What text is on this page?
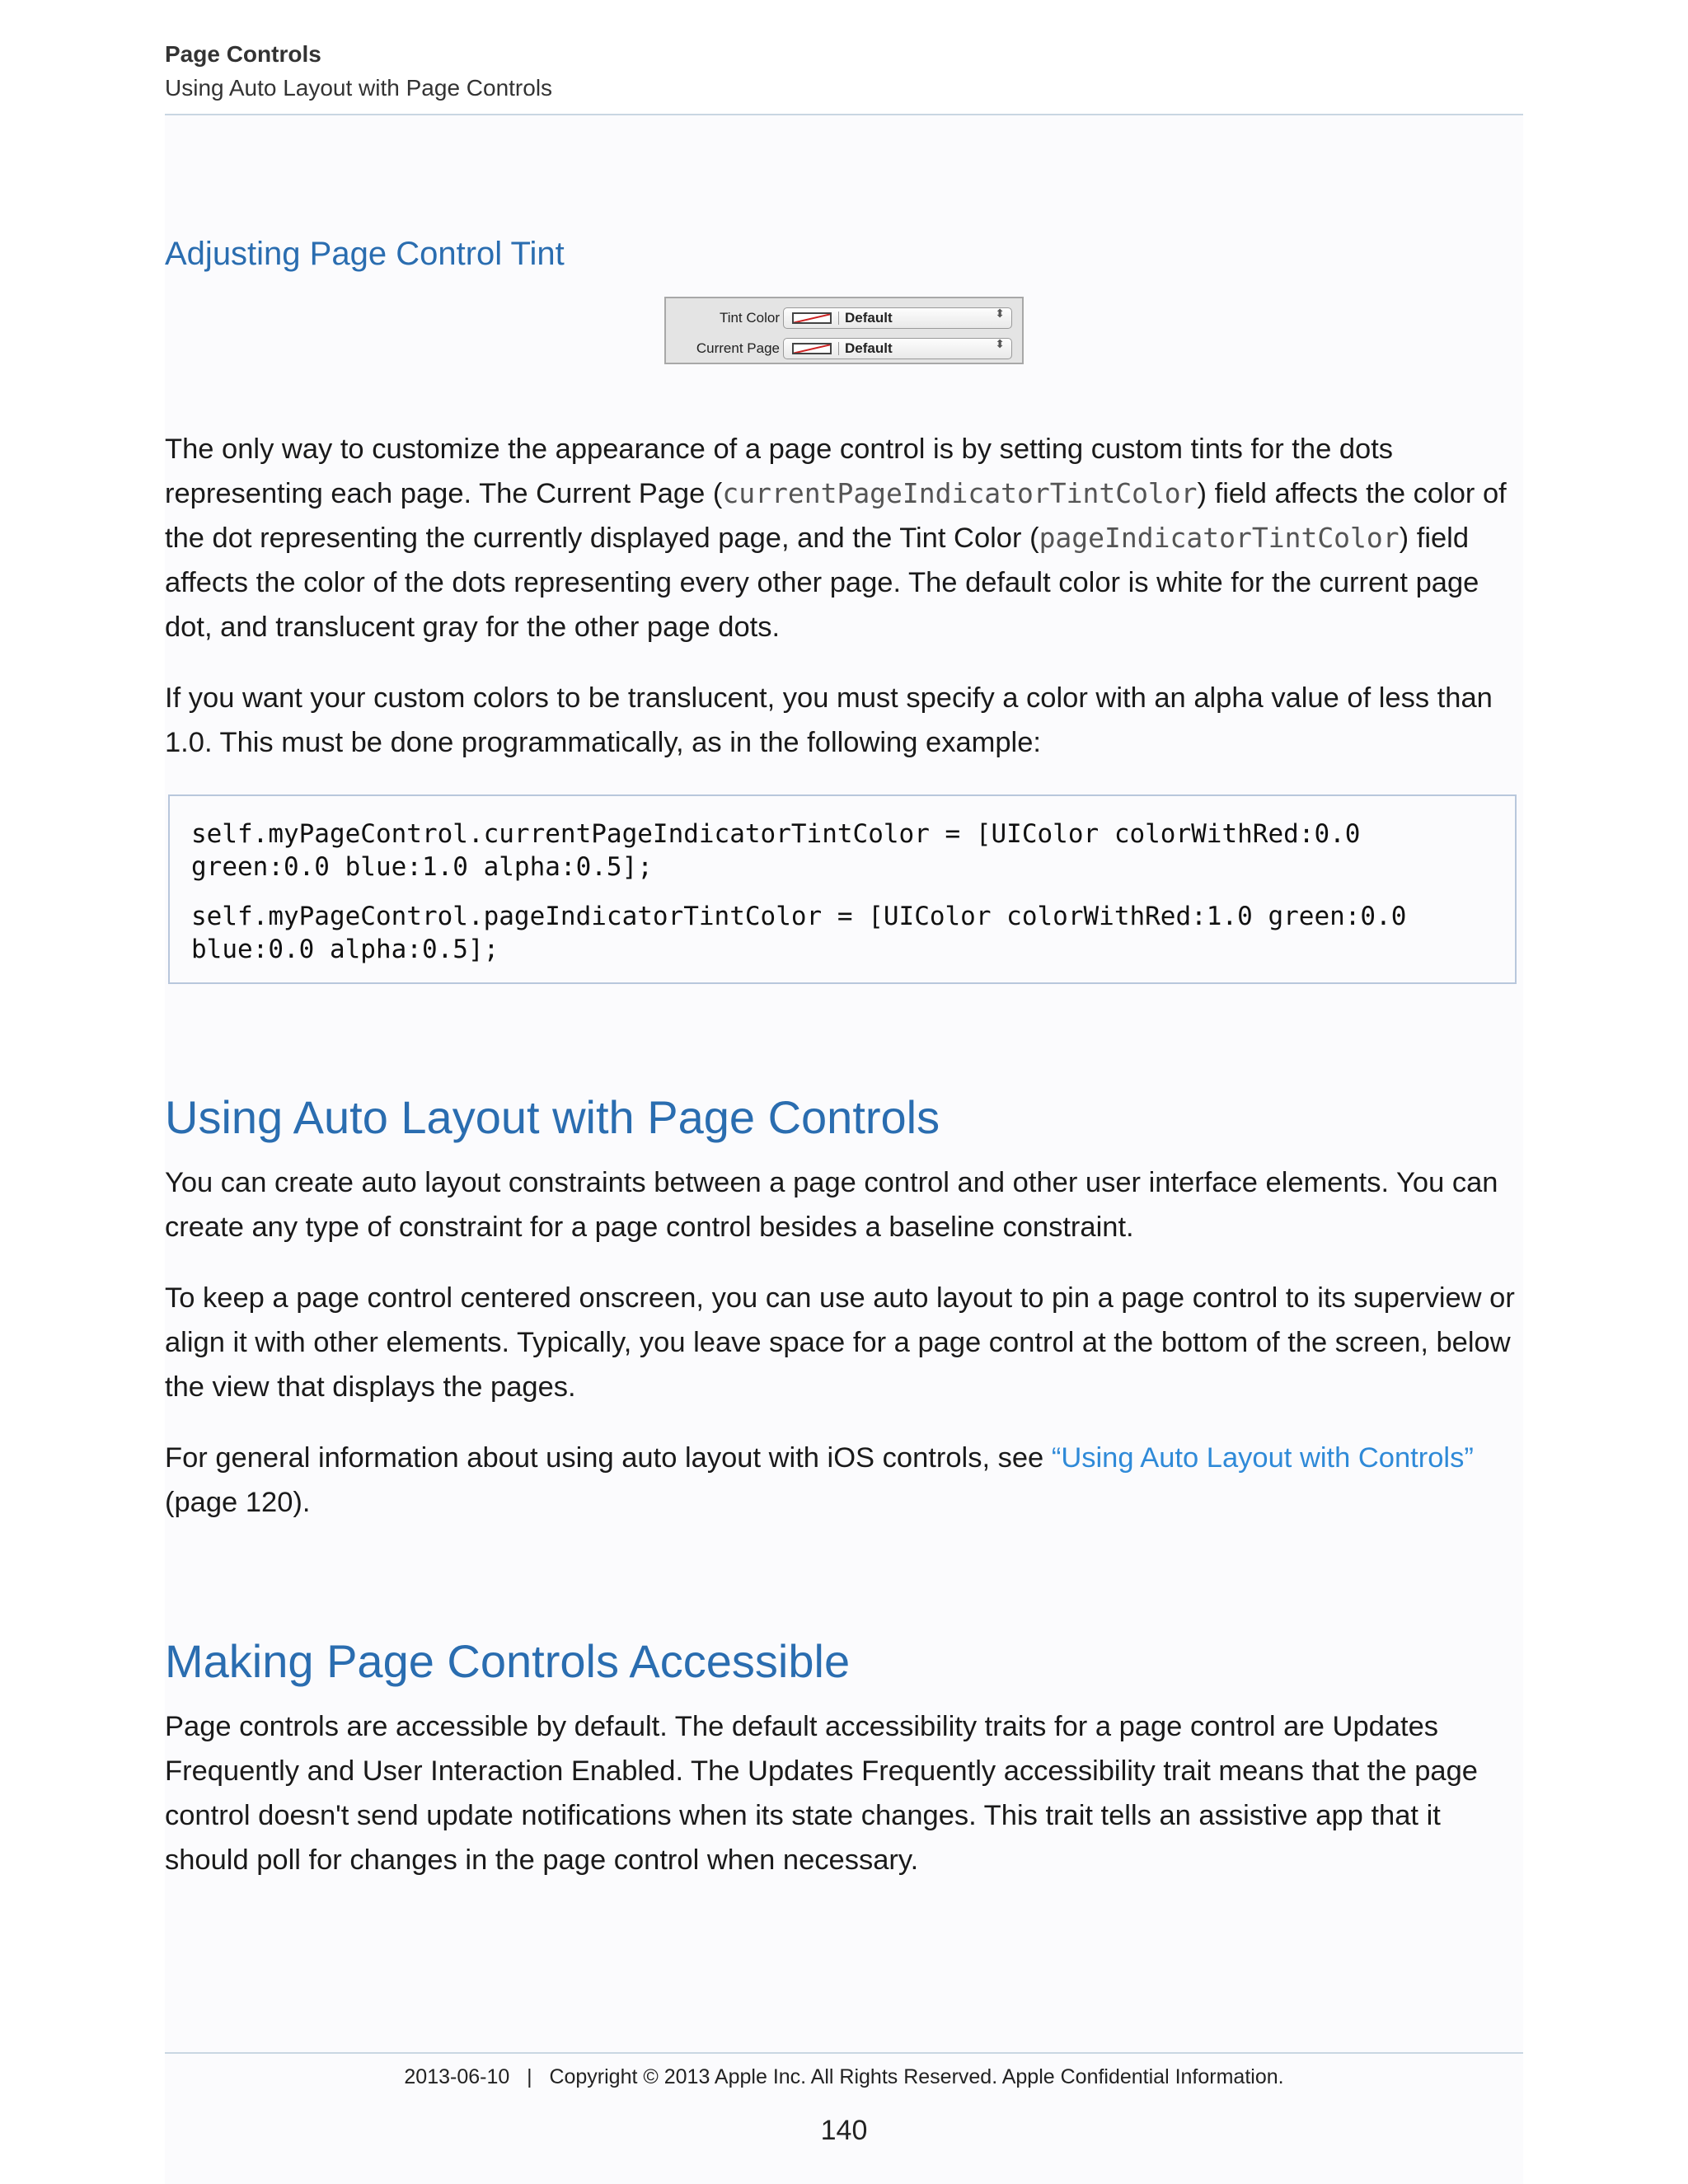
Page Controls
Using Auto Layout with Page Controls
Adjusting Page Control Tint
Tint Color	Default	⬍
Current Page	Default	⬍

The only way to customize the appearance of a page control is by setting custom tints for the dots representing each page. The Current Page (currentPageIndicatorTintColor) field affects the color of the dot representing the currently displayed page, and the Tint Color (pageIndicatorTintColor) field affects the color of the dots representing every other page. The default color is white for the current page dot, and translucent gray for the other page dots.

If you want your custom colors to be translucent, you must specify a color with an alpha value of less than 1.0. This must be done programmatically, as in the following example:

self.myPageControl.currentPageIndicatorTintColor = [UIColor colorWithRed:0.0
green:0.0 blue:1.0 alpha:0.5];
self.myPageControl.pageIndicatorTintColor = [UIColor colorWithRed:1.0 green:0.0
blue:0.0 alpha:0.5];
Using Auto Layout with Page Controls

You can create auto layout constraints between a page control and other user interface elements. You can create any type of constraint for a page control besides a baseline constraint.

To keep a page control centered onscreen, you can use auto layout to pin a page control to its superview or align it with other elements. Typically, you leave space for a page control at the bottom of the screen, below the view that displays the pages.

For general information about using auto layout with iOS controls, see “Using Auto Layout with Controls” (page 120).

Making Page Controls Accessible

Page controls are accessible by default. The default accessibility traits for a page control are Updates Frequently and User Interaction Enabled. The Updates Frequently accessibility trait means that the page control doesn't send update notifications when its state changes. This trait tells an assistive app that it should poll for changes in the page control when necessary.

2013-06-10   |   Copyright © 2013 Apple Inc. All Rights Reserved. Apple Confidential Information.
140
